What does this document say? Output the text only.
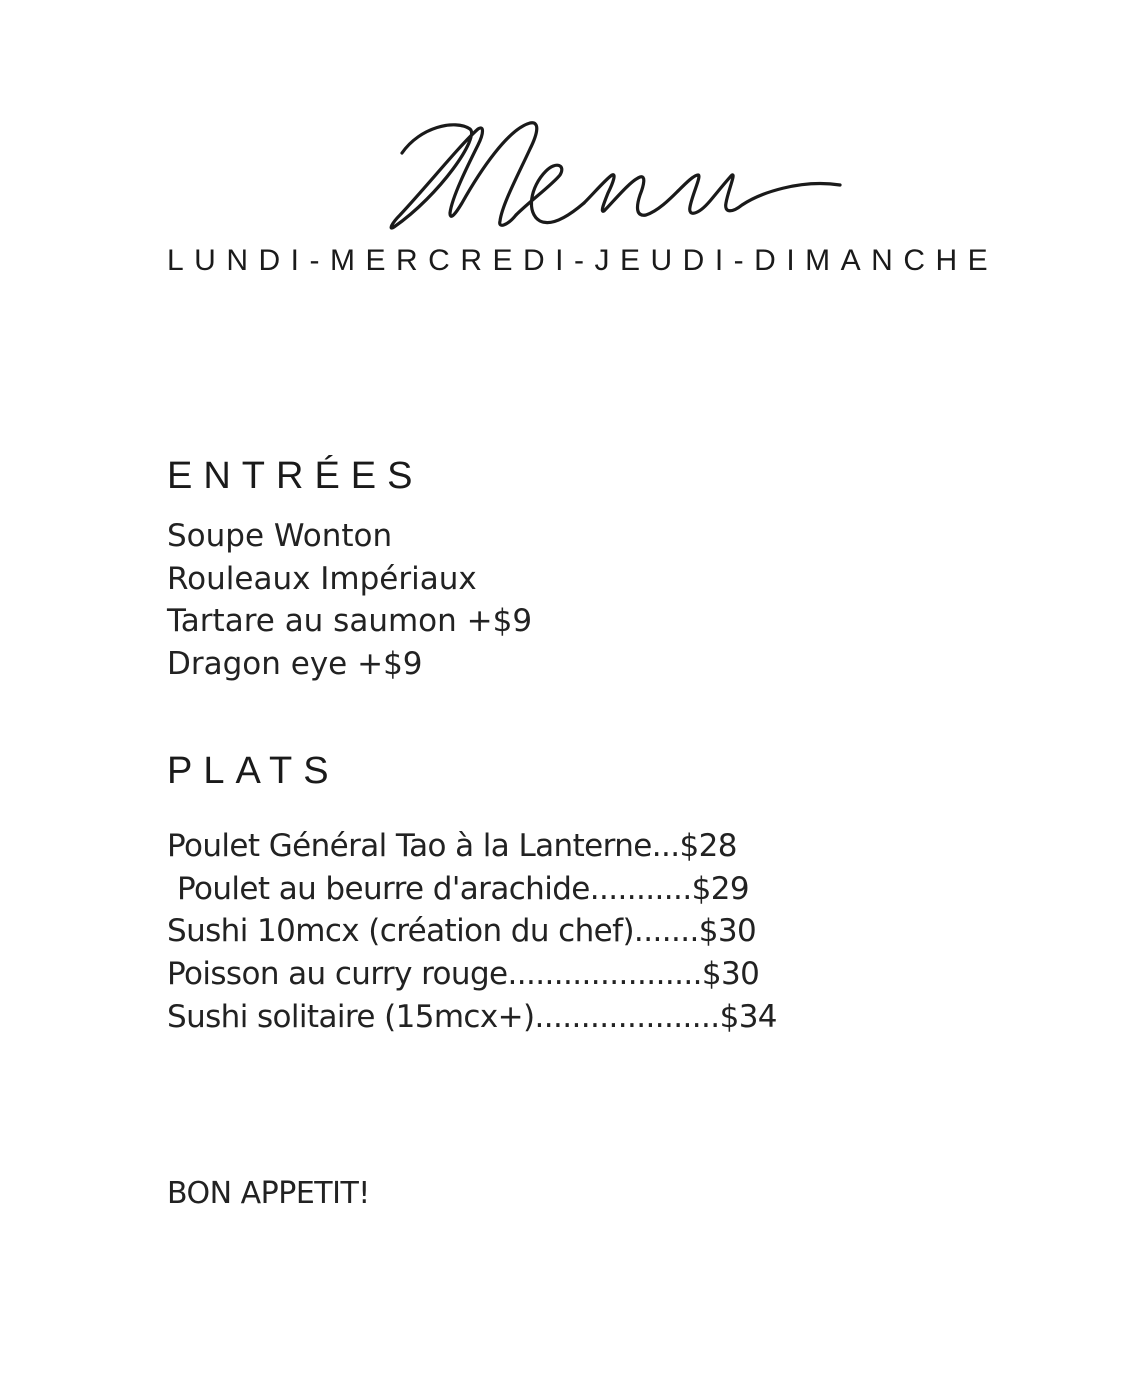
LUNDI-MERCREDI-JEUDI-DIMANCHE
ENTRÉES
Soupe Wonton
Rouleaux Impériaux
Tartare au saumon +$9
Dragon eye +$9
PLATS
Poulet Général Tao à la Lanterne...$28
Poulet au beurre d'arachide...........$29
Sushi 10mcx (création du chef).......$30
Poisson au curry rouge.....................$30
Sushi solitaire (15mcx+)....................$34
BON APPETIT!
